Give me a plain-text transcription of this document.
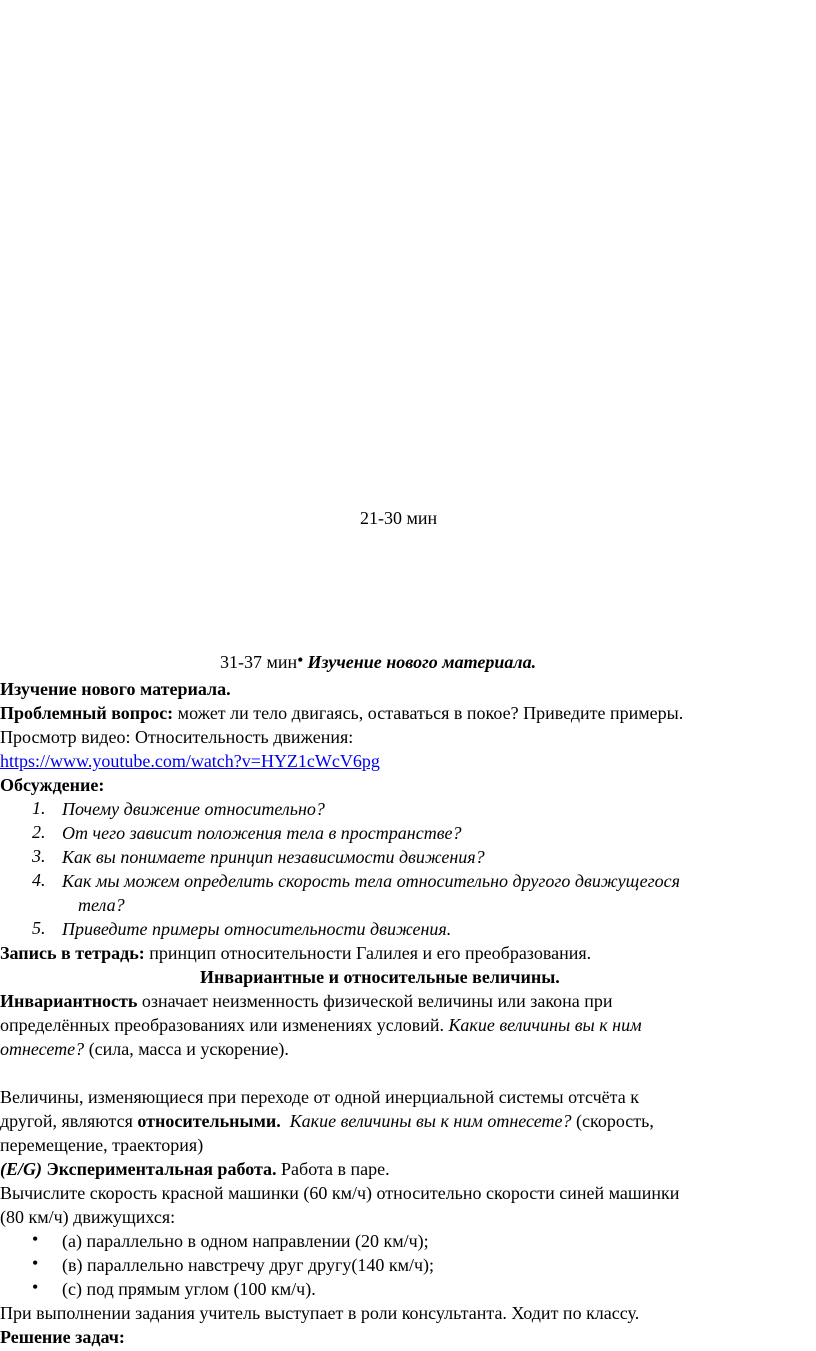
21-30 мин
31-37 мин• Изучение нового материала.
Изучение нового материала.
Проблемный вопрос: может ли тело двигаясь, оставаться в покое? Приведите примеры.
Просмотр видео: Относительность движения:
https://www.youtube.com/watch?v=HYZ1cWcV6pg
Обсуждение:
1. Почему движение относительно?
2. От чего зависит положения тела в пространстве?
3. Как вы понимаете принцип независимости движения?
4. Как мы можем определить скорость тела относительно другого движущегося
тела?
5. Приведите примеры относительности движения.
Запись в тетрадь: принцип относительности Галилея и его преобразования.
Инвариантные и относительные величины.
Инвариантность означает неизменность физической величины или закона при
определённых преобразованиях или изменениях условий. Какие величины вы к ним
отнесете? (сила, масса и ускорение).
Величины, изменяющиеся при переходе от одной инерциальной системы отсчёта к
другой, являются относительными.  Какие величины вы к ним отнесете? (скорость,
перемещение, траектория)
(E/G) Экспериментальная работа. Работа в паре.
Вычислите скорость красной машинки (60 км/ч) относительно скорости синей машинки
(80 км/ч) движущихся:
• (а) параллельно в одном направлении (20 км/ч);
• (в) параллельно навстречу друг другу(140 км/ч);
• (с) под прямым углом (100 км/ч).
При выполнении задания учитель выступает в роли консультанта. Ходит по классу.
Решение задач:
